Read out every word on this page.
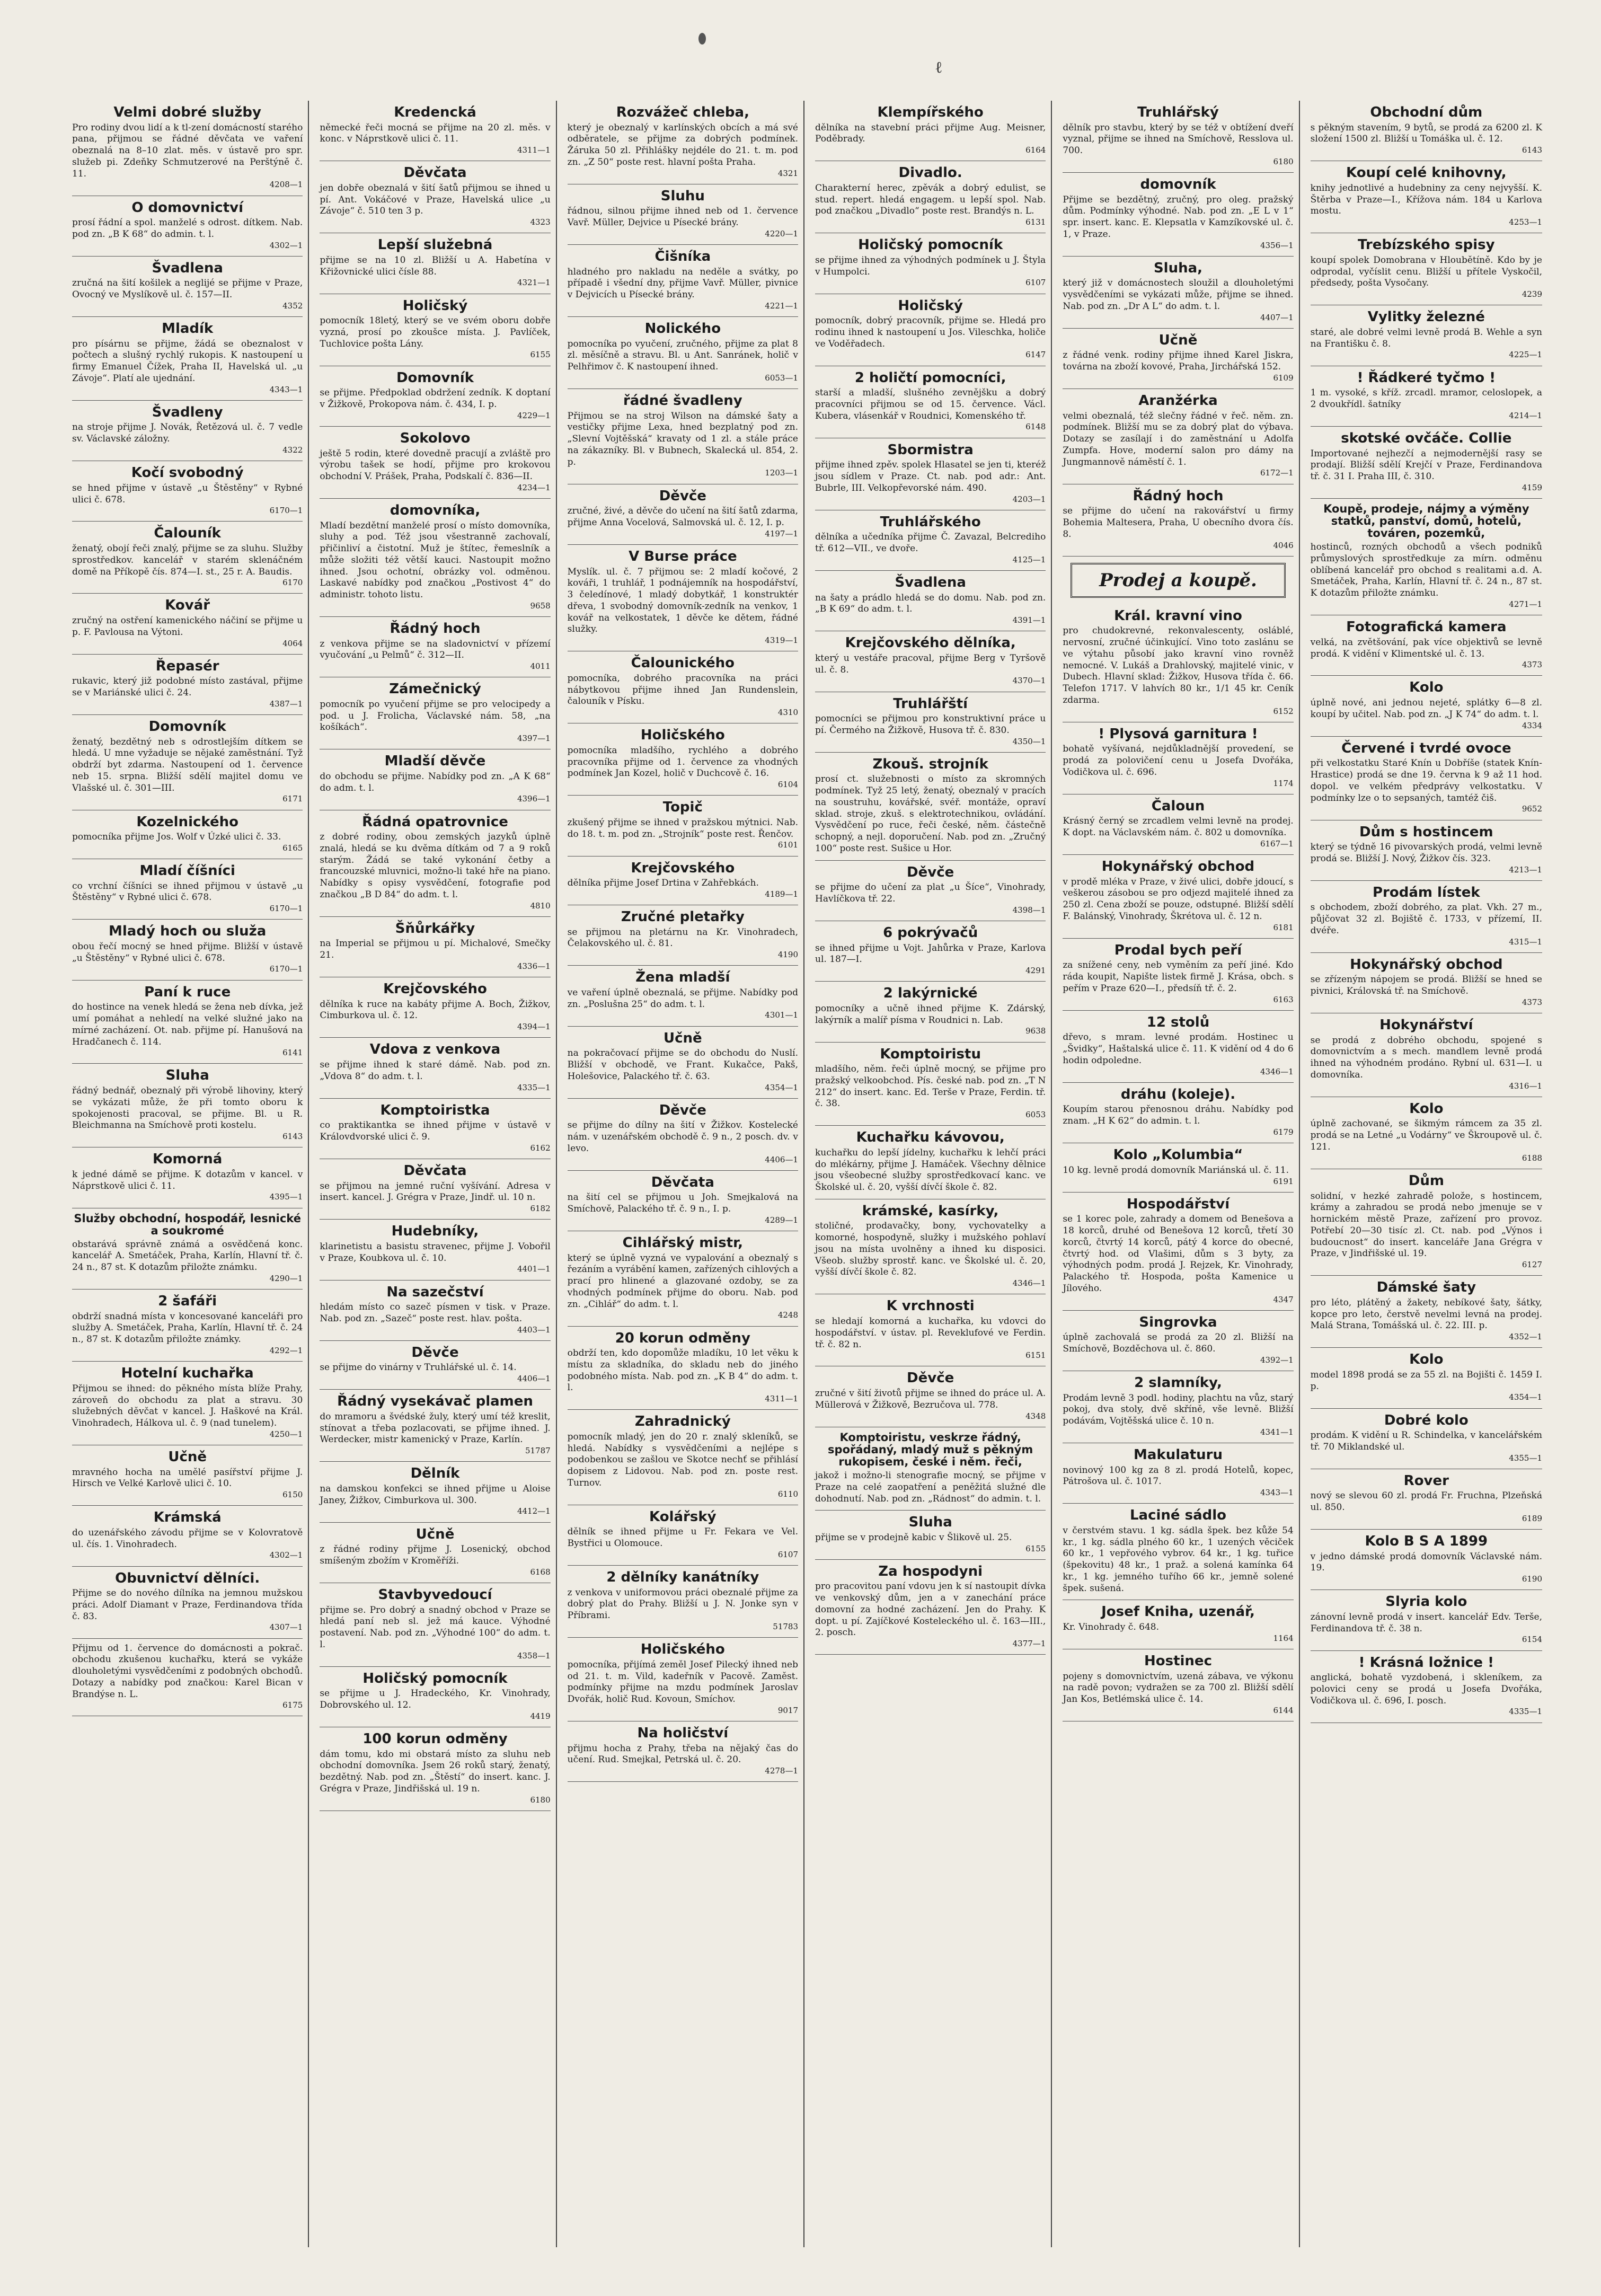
ℓ
Velmi dobré služby
Pro rodiny dvou lidí a k tl-zení domácností starého pana, přijmou se řádné děvčata ve vaření obeznalá na 8–10 zlat. měs. v ústavě pro spr. služeb pi. Zdeňky Schmutzerové na Perštýně č. 11.
4208—1
O domovnictví
prosí řádní a spol. manželé s odrost. dítkem. Nab. pod zn. „B K 68“ do admin. t. l.
4302—1
Švadlena
zručná na šití košilek a neglijé se přijme v Praze, Ovocný ve Myslíkově ul. č. 157—II.
4352
Mladík
pro písárnu se přijme, žádá se obeznalost v počtech a slušný rychlý rukopis. K nastoupení u firmy Emanuel Čížek, Praha II, Havelská ul. „u Závoje“. Platí ale ujednání.
4343—1
Švadleny
na stroje přijme J. Novák, Řetězová ul. č. 7 vedle sv. Václavské záložny.
4322
Kočí svobodný
se hned přijme v ústavě „u Štěstěny“ v Rybné ulici č. 678.
6170—1
Čalouník
ženatý, obojí řeči znalý, přijme se za sluhu. Služby sprostředkov. kancelář v starém sklenáčném domě na Příkopě čís. 874—I. st., 25 r. A. Baudis.
6170
Kovář
zručný na ostření kamenického náčiní se přijme u p. F. Pavlousa na Výtoni.
4064
Řepasér
rukavic, který již podobné místo zastával, přijme se v Mariánské ulici č. 24.
4387—1
Domovník
ženatý, bezdětný neb s odrostlejším dítkem se hledá. U mne vyžaduje se nějaké zaměstnání. Tyž obdrží byt zdarma. Nastoupení od 1. července neb 15. srpna. Bližší sdělí majitel domu ve Vlašské ul. č. 301—III.
6171
Kozelnického
pomocníka přijme Jos. Wolf v Úzké ulici č. 33.
6165
Mladí číšníci
co vrchní číšníci se ihned přijmou v ústavě „u Štěstěny“ v Rybné ulici č. 678.
6170—1
Mladý hoch ou služa
obou řečí mocný se hned přijme. Bližší v ústavě „u Štěstěny“ v Rybné ulici č. 678.
6170—1
Paní k ruce
do hostince na venek hledá se žena neb dívka, jež umí pomáhat a nehledí na velké služné jako na mírné zacházení. Ot. nab. přijme pí. Hanušová na Hradčanech č. 114.
6141
Sluha
řádný bednář, obeznalý při výrobě lihoviny, který se vykázati může, že při tomto oboru k spokojenosti pracoval, se přijme. Bl. u R. Bleichmanna na Smíchově proti kostelu.
6143
Komorná
k jedné dámě se přijme. K dotazům v kancel. v Náprstkově ulici č. 11.
4395—1
Služby obchodní, hospodář, lesnické a soukromé
obstarává správně známá a osvědčená konc. kancelář A. Smetáček, Praha, Karlín, Hlavní tř. č. 24 n., 87 st. K dotazům přiložte známku.
4290—1
2 šafáři
obdrží snadná místa v koncesované kanceláři pro služby A. Smetáček, Praha, Karlín, Hlavní tř. č. 24 n., 87 st. K dotazům přiložte známky.
4292—1
Hotelní kuchařka
Přijmou se ihned: do pěkného místa blíže Prahy, zároveň do obchodu za plat a stravu. 30 služebných děvčat v kancel. J. Haškové na Král. Vinohradech, Hálkova ul. č. 9 (nad tunelem).
4250—1
Učně
mravného hocha na umělé pasířství přijme J. Hirsch ve Velké Karlově ulici č. 10.
6150
Krámská
do uzenářského závodu přijme se v Kolovratově ul. čís. 1. Vinohradech.
4302—1
Obuvnictví dělníci.
Přijme se do nového dílníka na jemnou mužskou práci. Adolf Diamant v Praze, Ferdinandova třída č. 83.
4307—1
Přijmu od 1. července do domácnosti a pokrač. obchodu zkušenou kuchařku, která se vykáže dlouholetými vysvědčeními z podobných obchodů. Dotazy a nabídky pod značkou: Karel Bican v Brandýse n. L.
6175
Kredencká
německé řeči mocná se přijme na 20 zl. měs. v konc. v Náprstkově ulici č. 11.
4311—1
Děvčata
jen dobře obeznalá v šití šatů přijmou se ihned u pí. Ant. Vokáčové v Praze, Havelská ulice „u Závoje“ č. 510 ten 3 p.
4323
Lepší služebná
přijme se na 10 zl. Bližší u A. Habetína v Křižovnické ulici čísle 88.
4321—1
Holičský
pomocník 18letý, který se ve svém oboru dobře vyzná, prosí po zkoušce místa. J. Pavlíček, Tuchlovice pošta Lány.
6155
Domovník
se přijme. Předpoklad obdržení zedník. K doptaní v Žižkově, Prokopova nám. č. 434, I. p.
4229—1
Sokolovo
ještě 5 rodin, které dovedně pracují a zvláště pro výrobu tašek se hodí, přijme pro krokovou obchodní V. Prášek, Praha, Podskalí č. 836—II.
4234—1
domovníka,
Mladí bezdětní manželé prosí o místo domovníka, sluhy a pod. Též jsou všestranně zachovalí, přičinliví a čistotní. Muž je štítec, řemeslník a může složiti též větší kauci. Nastoupit možno ihned. Jsou ochotní, obrázky vol. odměnou. Laskavé nabídky pod značkou „Postivost 4“ do administr. tohoto listu.
9658
Řádný hoch
z venkova přijme se na sladovnictví v přízemí vyučování „u Pelmů“ č. 312—II.
4011
Zámečnický
pomocník po vyučení přijme se pro velocipedy a pod. u J. Frolicha, Václavské nám. 58, „na košíkách“.
4397—1
Mladší děvče
do obchodu se přijme. Nabídky pod zn. „A K 68“ do adm. t. l.
4396—1
Řádná opatrovnice
z dobré rodiny, obou zemských jazyků úplně znalá, hledá se ku dvěma dítkám od 7 a 9 roků starým. Žádá se také vykonání četby a francouzské mluvnici, možno-li také hře na piano. Nabídky s opisy vysvědčení, fotografie pod značkou „B D 84“ do adm. t. l.
4810
Šňůrkářky
na Imperial se přijmou u pí. Michalové, Smečky 21.
4336—1
Krejčovského
dělníka k ruce na kabáty přijme A. Boch, Žižkov, Cimburkova ul. č. 12.
4394—1
Vdova z venkova
se přijme ihned k staré dámě. Nab. pod zn. „Vdova 8“ do adm. t. l.
4335—1
Komptoiristka
co praktikantka se ihned přijme v ústavě v Královdvorské ulici č. 9.
6162
Děvčata
se přijmou na jemné ruční vyšívání. Adresa v insert. kancel. J. Grégra v Praze, Jindř. ul. 10 n.
6182
Hudebníky,
klarinetistu a basistu stravenec, přijme J. Vobořil v Praze, Koubkova ul. č. 10.
4401—1
Na sazečství
hledám místo co sazeč písmen v tisk. v Praze. Nab. pod zn. „Sazeč“ poste rest. hlav. pošta.
4403—1
Děvče
se přijme do vinárny v Truhlářské ul. č. 14.
4406—1
Řádný vysekávač plamen
do mramoru a švédské žuly, který umí též kreslit, stínovat a třeba pozlacovati, se přijme ihned. J. Werdecker, mistr kamenický v Praze, Karlín.
51787
Dělník
na damskou konfekci se ihned přijme u Aloise Janey, Žižkov, Cimburkova ul. 300.
4412—1
Učně
z řádné rodiny přijme J. Losenický, obchod smíšeným zbožím v Kroměříži.
6168
Stavbyvedoucí
přijme se. Pro dobrý a snadný obchod v Praze se hledá paní neb sl. jež má kauce. Výhodné postavení. Nab. pod zn. „Výhodné 100“ do adm. t. l.
4358—1
Holičský pomocník
se přijme u J. Hradeckého, Kr. Vinohrady, Dobrovského ul. 12.
4419
100 korun odměny
dám tomu, kdo mi obstará místo za sluhu neb obchodní domovníka. Jsem 26 roků starý, ženatý, bezdětný. Nab. pod zn. „Štěstí“ do insert. kanc. J. Grégra v Praze, Jindřišská ul. 19 n.
6180
Rozvážeč chleba,
který je obeznalý v karlínských obcích a má své odběratele, se přijme za dobrých podmínek. Žáruka 50 zl. Přihlášky nejdéle do 21. t. m. pod zn. „Z 50“ poste rest. hlavní pošta Praha.
4321
Sluhu
řádnou, silnou přijme ihned neb od 1. července Vavř. Müller, Dejvice u Písecké brány.
4220—1
Čišníka
hladného pro nakladu na neděle a svátky, po případě i všední dny, přijme Vavř. Müller, pivnice v Dejvicích u Písecké brány.
4221—1
Nolického
pomocníka po vyučení, zručného, přijme za plat 8 zl. měsíčně a stravu. Bl. u Ant. Sanránek, holič v Pelhřimov č. K nastoupení ihned.
6053—1
řádné švadleny
Přijmou se na stroj Wilson na dámské šaty a vestičky přijme Lexa, hned bezplatný pod zn. „Slevní Vojtěšská“ kravaty od 1 zl. a stále práce na zákazníky. Bl. v Bubnech, Skalecká ul. 854, 2. p.
1203—1
Děvče
zručné, živé, a děvče do učení na šití šatů zdarma, přijme Anna Vocelová, Salmovská ul. č. 12, I. p.
4197—1
V Burse práce
Myslík. ul. č. 7 přijmou se: 2 mladí kočové, 2 kováři, 1 truhlář, 1 podnájemník na hospodářství, 3 čeledínové, 1 mladý dobytkář, 1 konstruktér dřeva, 1 svobodný domovník-zedník na venkov, 1 kovář na velkostatek, 1 děvče ke dětem, řádné služky.
4319—1
Čalounického
pomocníka, dobrého pracovníka na práci nábytkovou přijme ihned Jan Rundenslein, čalouník v Písku.
4310
Holičského
pomocníka mladšího, rychlého a dobrého pracovníka přijme od 1. července za vhodných podmínek Jan Kozel, holič v Duchcově č. 16.
6104
Topič
zkušený přijme se ihned v pražskou mýtnici. Nab. do 18. t. m. pod zn. „Strojník“ poste rest. Řenčov.
6101
Krejčovského
dělníka přijme Josef Drtina v Zahřebkách.
4189—1
Zručné pletařky
se přijmou na pletárnu na Kr. Vinohradech, Čelakovského ul. č. 81.
4190
Žena mladší
ve vaření úplně obeznalá, se přijme. Nabídky pod zn. „Poslušna 25“ do adm. t. l.
4301—1
Učně
na pokračovací přijme se do obchodu do Nuslí. Bližší v obchodě, ve Frant. Kukačce, Pakš, Holešovice, Palackého tř. č. 63.
4354—1
Děvče
se přijme do dílny na šití v Žižkov. Kostelecké nám. v uzenářském obchodě č. 9 n., 2 posch. dv. v levo.
4406—1
Děvčata
na šití cel se přijmou u Joh. Smejkalová na Smíchově, Palackého tř. č. 9 n., I. p.
4289—1
Cihlářský mistr,
který se úplně vyzná ve vypalování a obeznalý s řezáním a vyrábění kamen, zařízených cihlových a prací pro hlinené a glazované ozdoby, se za vhodných podmínek přijme do oboru. Nab. pod zn. „Cihlář“ do adm. t. l.
4248
20 korun odměny
obdrží ten, kdo dopomůže mladíku, 10 let věku k místu za skladníka, do skladu neb do jiného podobného místa. Nab. pod zn. „K B 4“ do adm. t. l.
4311—1
Zahradnický
pomocník mladý, jen do 20 r. znalý skleníků, se hledá. Nabídky s vysvědčeními a nejlépe s podobenkou se zašlou ve Skotce nechť se přihlásí dopisem z Lidovou. Nab. pod zn. poste rest. Turnov.
6110
Kolářský
dělník se ihned přijme u Fr. Fekara ve Vel. Bystřici u Olomouce.
6107
2 dělníky kanátníky
z venkova v uniformovou práci obeznalé přijme za dobrý plat do Prahy. Bližší u J. N. Jonke syn v Příbrami.
51783
Holičského
pomocníka, přijímá zeměl Josef Pilecký ihned neb od 21. t. m. Vild, kadeřník v Pacově. Zaměst. podmínky přijme na mzdu podmínek Jaroslav Dvořák, holič Rud. Kovoun, Smíchov.
9017
Na holičství
přijmu hocha z Prahy, třeba na nějaký čas do učení. Rud. Smejkal, Petrská ul. č. 20.
4278—1
Klempířského
dělníka na stavební práci přijme Aug. Meisner, Poděbrady.
6164
Divadlo.
Charakterní herec, zpěvák a dobrý edulist, se stud. repert. hledá engagem. u lepší spol. Nab. pod značkou „Divadlo“ poste rest. Brandýs n. L.
6131
Holičský pomocník
se přijme ihned za výhodných podmínek u J. Štyla v Humpolci.
6107
Holičský
pomocník, dobrý pracovník, přijme se. Hledá pro rodinu ihned k nastoupení u Jos. Vileschka, holiče ve Voděřadech.
6147
2 holičtí pomocníci,
starší a mladší, slušného zevnějšku a dobrý pracovníci přijmou se od 15. července. Václ. Kubera, vlásenkář v Roudnici, Komenského tř.
6148
Sbormistra
přijme ihned zpěv. spolek Hlasatel se jen ti, kteréž jsou sídlem v Praze. Ct. nab. pod adr.: Ant. Bubrle, III. Velkopřevorské nám. 490.
4203—1
Truhlářského
dělníka a učedníka přijme Č. Zavazal, Belcrediho tř. 612—VII., ve dvoře.
4125—1
Švadlena
na šaty a prádlo hledá se do domu. Nab. pod zn. „B K 69“ do adm. t. l.
4391—1
Krejčovského dělníka,
který u vestáře pracoval, přijme Berg v Tyršově ul. č. 8.
4370—1
Truhlářští
pomocníci se přijmou pro konstruktivní práce u pí. Čermého na Žižkově, Husova tř. č. 830.
4350—1
Zkouš. strojník
prosí ct. služebnosti o místo za skromných podmínek. Tyž 25 letý, ženatý, obeznalý v pracích na soustruhu, kovářské, svéř. montáže, opraví sklad. stroje, zkuš. s elektrotechnikou, ovládání. Vysvědčení po ruce, řeči české, něm. částečně schopný, a nejl. doporučení. Nab. pod zn. „Zručný 100“ poste rest. Sušice u Hor.
Děvče
se přijme do učení za plat „u Šíce“, Vinohrady, Havlíčkova tř. 22.
4398—1
6 pokrývačů
se ihned přijme u Vojt. Jahůrka v Praze, Karlova ul. 187—I.
4291
2 lakýrnické
pomocníky a učně ihned přijme K. Zdárský, lakýrník a malíř písma v Roudnici n. Lab.
9638
Komptoiristu
mladšího, něm. řeči úplně mocný, se přijme pro pražský velkoobchod. Pís. české nab. pod zn. „T N 212“ do insert. kanc. Ed. Terše v Praze, Ferdin. tř. č. 38.
6053
Kuchařku kávovou,
kuchařku do lepší jídelny, kuchařku k lehčí práci do mlékárny, přijme J. Hamáček. Všechny dělnice jsou všeobecné služby sprostředkovací kanc. ve Školské ul. č. 20, vyšší dívčí škole č. 82.
krámské, kasírky,
stoličné, prodavačky, bony, vychovatelky a komorné, hospodyně, služky i mužského pohlaví jsou na místa uvolněny a ihned ku disposici. Všeob. služby sprostř. kanc. ve Školské ul. č. 20, vyšší dívčí škole č. 82.
4346—1
K vrchnosti
se hledají komorná a kuchařka, ku vdovci do hospodářství. v ústav. pl. Reveklufové ve Ferdin. tř. č. 82 n.
6151
Děvče
zručné v šití životů přijme se ihned do práce ul. A. Müllerová v Žižkově, Bezručova ul. 778.
4348
Komptoiristu, veskrze řádný, spořádaný, mladý muž s pěkným rukopisem, české i něm. řeči,
jakož i možno-li stenografie mocný, se přijme v Praze na celé zaopatření a peněžitá služné dle dohodnutí. Nab. pod zn. „Rádnost“ do admin. t. l.
Sluha
přijme se v prodejně kabic v Šlikově ul. 25.
6155
Za hospodyni
pro pracovitou paní vdovu jen k sí nastoupit dívka ve venkovský dům, jen a v zanechání práce domovní za hodné zacházení. Jen do Prahy. K dopt. u pí. Zajíčkové Kosteleckého ul. č. 163—III., 2. posch.
4377—1
Truhlářský
dělník pro stavbu, který by se též v obtížení dveří vyznal, přijme se ihned na Smíchově, Resslova ul. 700.
6180
domovník
Přijme se bezdětný, zručný, pro oleg. pražský dům. Podmínky výhodné. Nab. pod zn. „E L v 1“ spr. insert. kanc. E. Klepsatla v Kamzíkovské ul. č. 1, v Praze.
4356—1
Sluha,
který již v domácnostech sloužil a dlouholetými vysvědčeními se vykázati může, přijme se ihned. Nab. pod zn. „Dr A L“ do adm. t. l.
4407—1
Učně
z řádné venk. rodiny přijme ihned Karel Jiskra, továrna na zboží kovové, Praha, Jirchářská 152.
6109
Aranžérka
velmi obeznalá, též slečny řádné v řeč. něm. zn. podmínek. Bližší mu se za dobrý plat do výbava. Dotazy se zasílají i do zaměstnání u Adolfa Zumpfa. Hove, moderní salon pro dámy na Jungmannově náměstí č. 1.
6172—1
Řádný hoch
se přijme do učení na rakovářství u firmy Bohemia Maltesera, Praha, U obecního dvora čís. 8.
4046
Prodej a koupě.
Král. kravní vino
pro chudokrevné, rekonvalescenty, osláblé, nervosní, zručné účinkující. Vino toto zaslánu se ve výtahu působí jako kravní vino rovněž nemocné. V. Lukáš a Drahlovský, majitelé vinic, v Dubech. Hlavní sklad: Žižkov, Husova třída č. 66. Telefon 1717. V lahvích 80 kr., 1/1 45 kr. Ceník zdarma.
6152
! Plysová garnitura !
bohatě vyšívaná, nejdůkladnější provedení, se prodá za polovičení cenu u Josefa Dvořáka, Vodičkova ul. č. 696.
1174
Čaloun
Krásný černý se zrcadlem velmi levně na prodej. K dopt. na Václavském nám. č. 802 u domovníka.
6167—1
Hokynářský obchod
v prodě mléka v Praze, v živé ulici, dobře jdoucí, s veškerou zásobou se pro odjezd majitelé ihned za 250 zl. Cena zboží se pouze, odstupné. Bližší sdělí F. Balánský, Vinohrady, Škrétova ul. č. 12 n.
6181
Prodal bych peří
za snížené ceny, neb vyměním za peří jiné. Kdo ráda koupit, Napište listek firmě J. Krása, obch. s peřím v Praze 620—I., předsíň tř. č. 2.
6163
12 stolů
dřevo, s mram. levné prodám. Hostinec u „Švidky“, Haštalská ulice č. 11. K vidění od 4 do 6 hodin odpoledne.
4346—1
dráhu (koleje).
Koupím starou přenosnou dráhu. Nabídky pod znam. „H K 62“ do admin. t. l.
6179
Kolo „Kolumbia“
10 kg. levně prodá domovník Mariánská ul. č. 11.
6191
Hospodářství
se 1 korec pole, zahrady a domem od Benešova a 18 korců, druhé od Benešova 12 korců, třetí 30 korců, čtvrtý 14 korců, pátý 4 korce do obecné, čtvrtý hod. od Vlašimi, dům s 3 byty, za výhodných podm. prodá J. Rejzek, Kr. Vinohrady, Palackého tř. Hospoda, pošta Kamenice u Jílového.
4347
Singrovka
úplně zachovalá se prodá za 20 zl. Bližší na Smíchově, Bozděchova ul. č. 860.
4392—1
2 slamníky,
Prodám levně 3 podl. hodiny, plachtu na vůz, starý pokoj, dva stoly, dvě skříně, vše levně. Bližší podávám, Vojtěšská ulice č. 10 n.
4341—1
Makulaturu
novinový 100 kg za 8 zl. prodá Hotelů, kopec, Pátrošova ul. č. 1017.
4343—1
Laciné sádlo
v čerstvém stavu. 1 kg. sádla špek. bez kůže 54 kr., 1 kg. sádla plného 60 kr., 1 uzených věciček 60 kr., 1 vepřového vybrov. 64 kr., 1 kg. tuřice (špekovitu) 48 kr., 1 praž. a solená kamínka 64 kr., 1 kg. jemného tuřího 66 kr., jemně solené špek. sušená.
Josef Kniha, uzenář,
Kr. Vinohrady č. 648.
1164
Hostinec
pojeny s domovnictvím, uzená zábava, ve výkonu na radě povon; vydražen se za 700 zl. Bližší sdělí Jan Kos, Betlémská ulice č. 14.
6144
Obchodní dům
s pěkným stavením, 9 bytů, se prodá za 6200 zl. K složení 1500 zl. Bližší u Tomáška ul. č. 12.
6143
Koupí celé knihovny,
knihy jednotlivé a hudebniny za ceny nejvyšší. K. Štěrba v Praze—I., Křížova nám. 184 u Karlova mostu.
4253—1
Trebízského spisy
koupí spolek Domobrana v Hloubětíně. Kdo by je odprodal, vyčíslit cenu. Bližší u přítele Vyskočil, předsedy, pošta Vysočany.
4239
Vylitky železné
staré, ale dobré velmi levně prodá B. Wehle a syn na Františku č. 8.
4225—1
! Řádkeré tyčmo !
1 m. vysoké, s kříž. zrcadl. mramor, celoslopek, a 2 dvoukřídl. šatníky
4214—1
skotské ovčáče. Collie
Importované nejhezčí a nejmodernější rasy se prodají. Bližší sdělí Krejčí v Praze, Ferdinandova tř. č. 31 I. Praha III, č. 310.
4159
Koupě, prodeje, nájmy a výměny statků, panství, domů, hotelů, továren, pozemků,
hostinců, rozných obchodů a všech podniků průmyslových sprostředkuje za mírn. odměnu oblíbená kancelář pro obchod s realitami a.d. A. Smetáček, Praha, Karlín, Hlavní tř. č. 24 n., 87 st. K dotazům přiložte známku.
4271—1
Fotografická kamera
velká, na zvětšování, pak více objektivů se levně prodá. K vidění v Klimentské ul. č. 13.
4373
Kolo
úplně nové, ani jednou nejeté, splátky 6—8 zl. koupí by učitel. Nab. pod zn. „J K 74“ do adm. t. l.
4334
Červené i tvrdé ovoce
při velkostatku Staré Knín u Dobříše (statek Knín-Hrastice) prodá se dne 19. června k 9 až 11 hod. dopol. ve velkém předprávy velkostatku. V podmínky lze o to sepsaných, tamtéž čiš.
9652
Dům s hostincem
který se týdně 16 pivovarských prodá, velmi levně prodá se. Bližší J. Nový, Žižkov čís. 323.
4213—1
Prodám lístek
s obchodem, zboží dobrého, za plat. Vkh. 27 m., půjčovat 32 zl. Bojiště č. 1733, v přízemí, II. dvéře.
4315—1
Hokynářský obchod
se zřízeným nápojem se prodá. Bližší se hned se pivnici, Královská tř. na Smíchově.
4373
Hokynářství
se prodá z dobrého obchodu, spojené s domovnictvím a s mech. mandlem levně prodá ihned na výhodném prodáno. Rybní ul. 631—I. u domovníka.
4316—1
Kolo
úplně zachované, se šikmým rámcem za 35 zl. prodá se na Letné „u Vodárny“ ve Škroupově ul. č. 121.
6188
Dům
solidní, v hezké zahradě polože, s hostincem, krámy a zahradou se prodá nebo jmenuje se v hornickém městě Praze, zařízení pro provoz. Potřebí 20—30 tisíc zl. Ct. nab. pod „Výnos i budoucnost“ do insert. kanceláře Jana Grégra v Praze, v Jindřišské ul. 19.
6127
Dámské šaty
pro léto, plátěný a žakety, nebíkové šaty, šátky, kopce pro leto, čerstvě nevelmi levná na prodej. Malá Strana, Tomášská ul. č. 22. III. p.
4352—1
Kolo
model 1898 prodá se za 55 zl. na Bojišti č. 1459 I. p.
4354—1
Dobré kolo
prodám. K vidění u R. Schindelka, v kancelářském tř. 70 Miklandské ul.
4355—1
Rover
nový se slevou 60 zl. prodá Fr. Fruchna, Plzeňská ul. 850.
6189
Kolo B S A 1899
v jedno dámské prodá domovník Václavské nám. 19.
6190
Slyria kolo
zánovní levně prodá v insert. kancelář Edv. Terše, Ferdinandova tř. č. 38 n.
6154
! Krásná ložnice !
anglická, bohatě vyzdobená, i skleníkem, za polovici ceny se prodá u Josefa Dvořáka, Vodičkova ul. č. 696, I. posch.
4335—1
